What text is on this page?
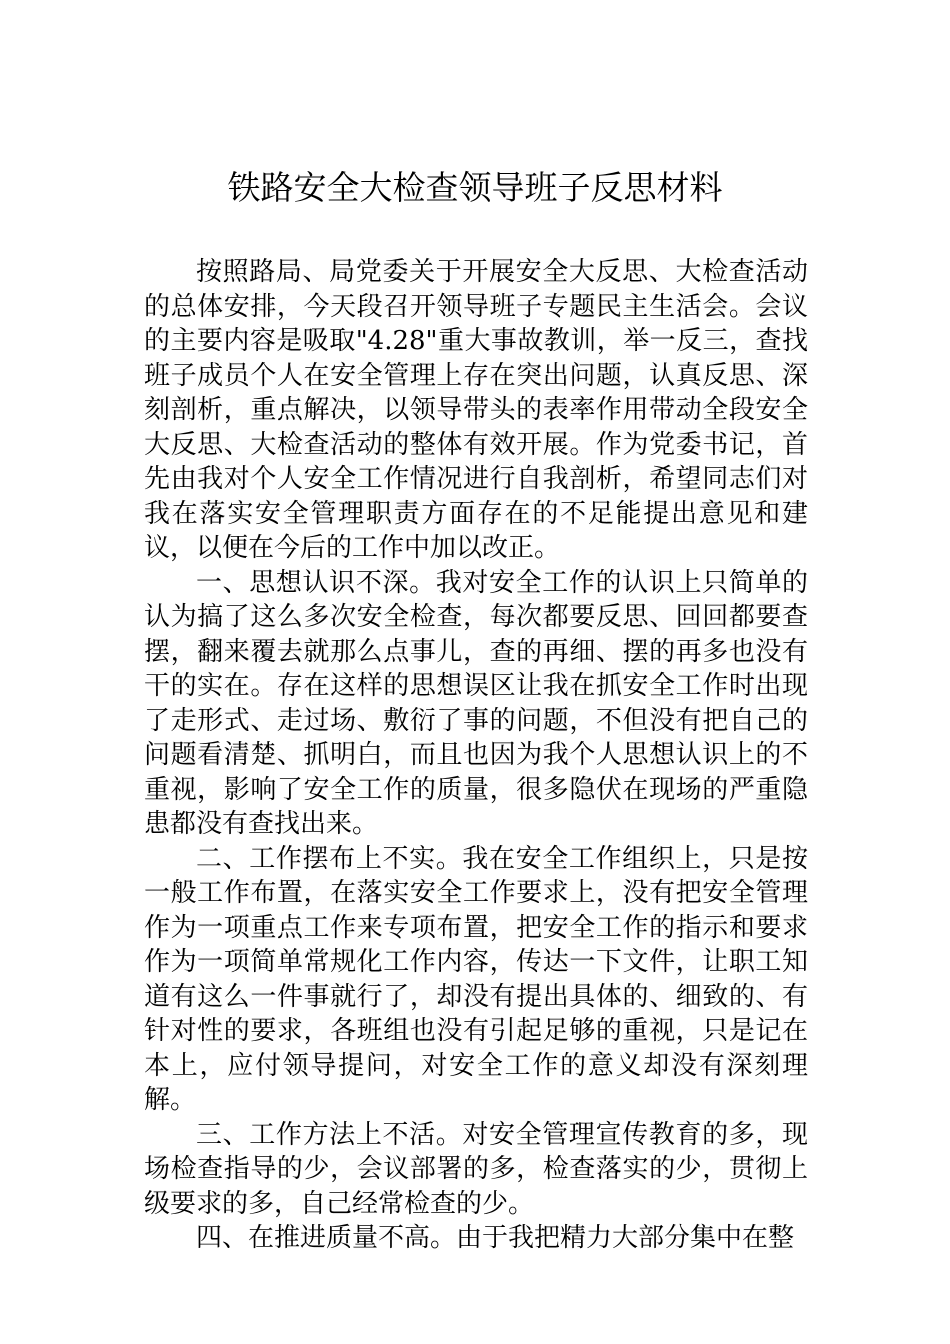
铁路安全大检查领导班子反思材料

按照路局、局党委关于开展安全大反思、大检查活动的总体安排，今天段召开领导班子专题民主生活会。会议的主要内容是吸取"4.28"重大事故教训，举一反三，查找班子成员个人在安全管理上存在突出问题，认真反思、深刻剖析，重点解决，以领导带头的表率作用带动全段安全大反思、大检查活动的整体有效开展。作为党委书记，首先由我对个人安全工作情况进行自我剖析，希望同志们对我在落实安全管理职责方面存在的不足能提出意见和建议，以便在今后的工作中加以改正。

一、思想认识不深。我对安全工作的认识上只简单的认为搞了这么多次安全检查，每次都要反思、回回都要查摆，翻来覆去就那么点事儿，查的再细、摆的再多也没有干的实在。存在这样的思想误区让我在抓安全工作时出现了走形式、走过场、敷衍了事的问题，不但没有把自己的问题看清楚、抓明白，而且也因为我个人思想认识上的不重视，影响了安全工作的质量，很多隐伏在现场的严重隐患都没有查找出来。

二、工作摆布上不实。我在安全工作组织上，只是按一般工作布置，在落实安全工作要求上，没有把安全管理作为一项重点工作来专项布置，把安全工作的指示和要求作为一项简单常规化工作内容，传达一下文件，让职工知道有这么一件事就行了，却没有提出具体的、细致的、有针对性的要求，各班组也没有引起足够的重视，只是记在本上，应付领导提问，对安全工作的意义却没有深刻理解。

三、工作方法上不活。对安全管理宣传教育的多，现场检查指导的少，会议部署的多，检查落实的少，贯彻上级要求的多，自己经常检查的少。

四、在推进质量不高。由于我把精力大部分集中在整
